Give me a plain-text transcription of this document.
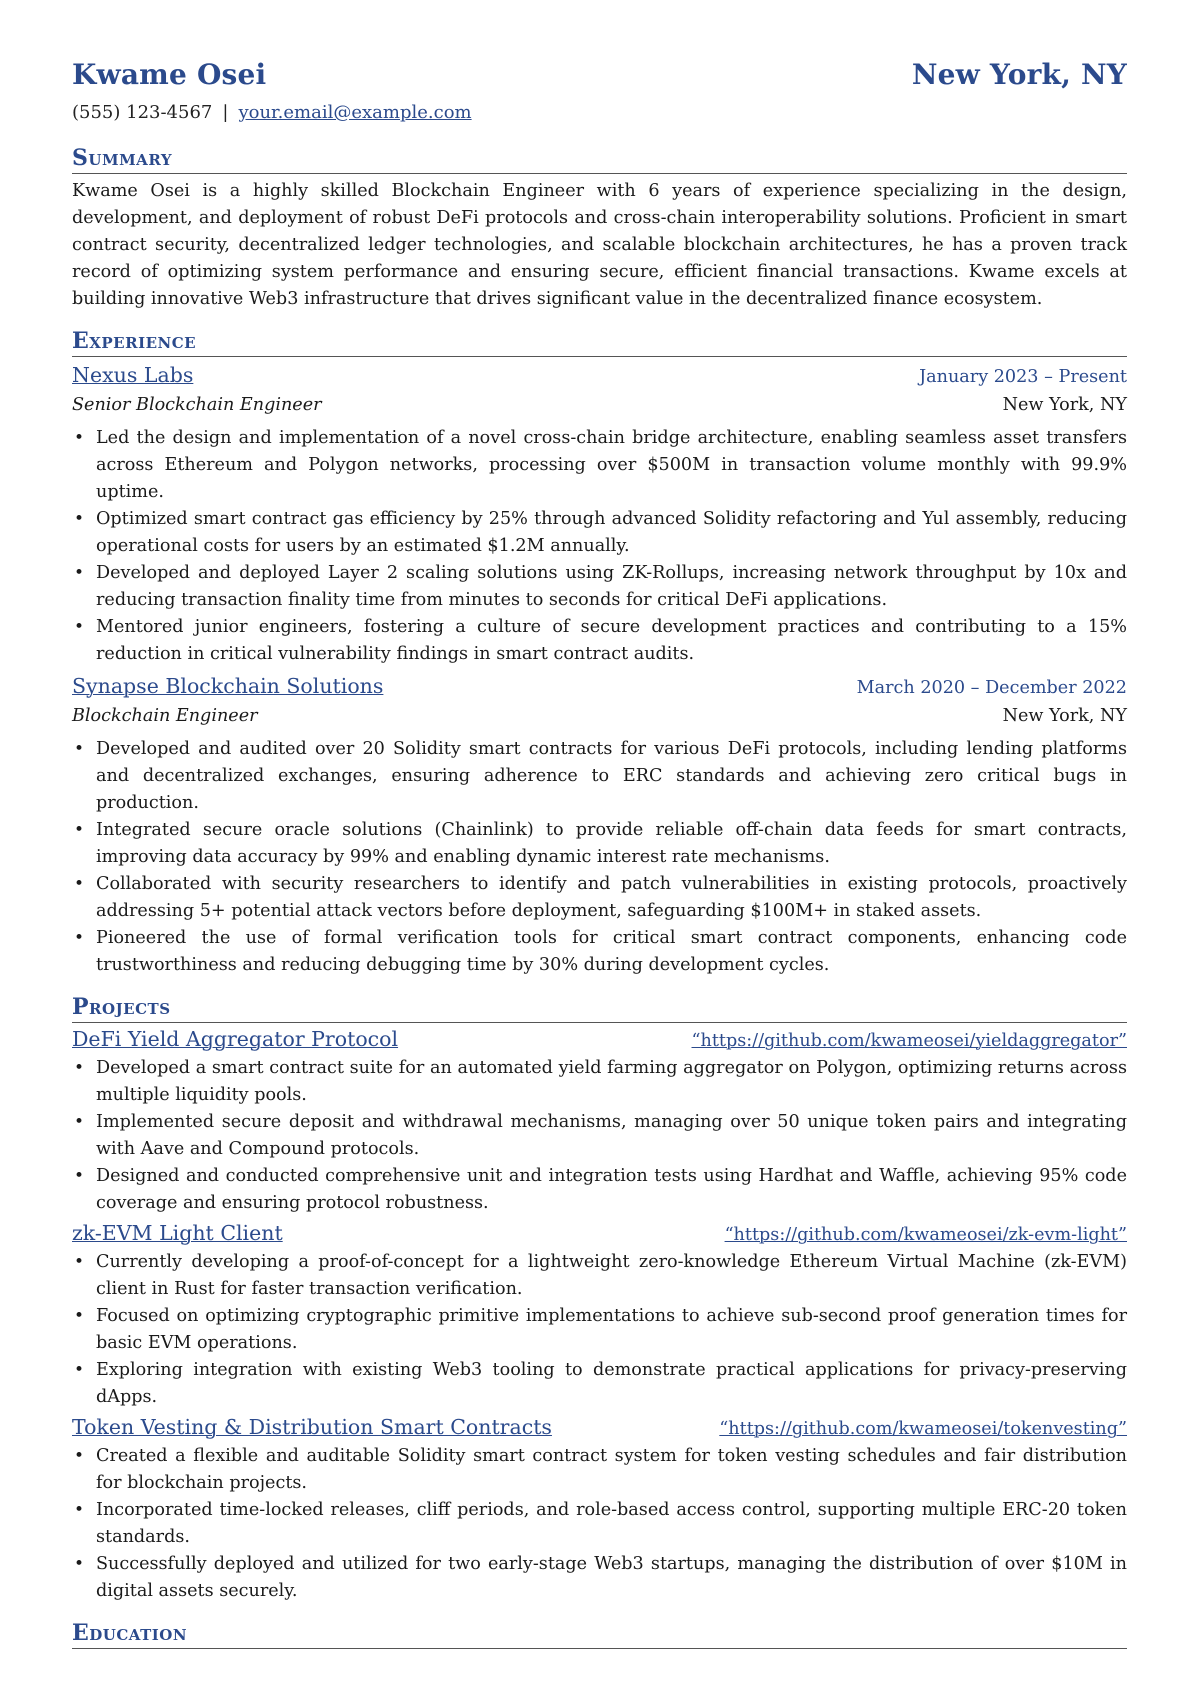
Kwame Osei	New York, NY
(555) 123-4567 | your.email@example.com
Summary
Kwame Osei is a highly skilled Blockchain Engineer with 6 years of experience specializing in the design, development, and deployment of robust DeFi protocols and cross-chain interoperability solutions. Proficient in smart contract security, decentralized ledger technologies, and scalable blockchain architectures, he has a proven track record of optimizing system performance and ensuring secure, efficient financial transactions. Kwame excels at building innovative Web3 infrastructure that drives significant value in the decentralized finance ecosystem.
Experience
Nexus Labs	January 2023 – Present
Senior Blockchain Engineer	New York, NY
• Led the design and implementation of a novel cross-chain bridge architecture, enabling seamless asset transfers across Ethereum and Polygon networks, processing over $500M in transaction volume monthly with 99.9% uptime.
• Optimized smart contract gas efficiency by 25% through advanced Solidity refactoring and Yul assembly, reducing operational costs for users by an estimated $1.2M annually.
• Developed and deployed Layer 2 scaling solutions using ZK-Rollups, increasing network throughput by 10x and reducing transaction finality time from minutes to seconds for critical DeFi applications.
• Mentored junior engineers, fostering a culture of secure development practices and contributing to a 15% reduction in critical vulnerability findings in smart contract audits.
Synapse Blockchain Solutions	March 2020 – December 2022
Blockchain Engineer	New York, NY
• Developed and audited over 20 Solidity smart contracts for various DeFi protocols, including lending platforms and decentralized exchanges, ensuring adherence to ERC standards and achieving zero critical bugs in production.
• Integrated secure oracle solutions (Chainlink) to provide reliable off-chain data feeds for smart contracts, improving data accuracy by 99% and enabling dynamic interest rate mechanisms.
• Collaborated with security researchers to identify and patch vulnerabilities in existing protocols, proactively addressing 5+ potential attack vectors before deployment, safeguarding $100M+ in staked assets.
• Pioneered the use of formal verification tools for critical smart contract components, enhancing code trustworthiness and reducing debugging time by 30% during development cycles.
Projects
DeFi Yield Aggregator Protocol	“https://github.com/kwameosei/yieldaggregator”
• Developed a smart contract suite for an automated yield farming aggregator on Polygon, optimizing returns across multiple liquidity pools.
• Implemented secure deposit and withdrawal mechanisms, managing over 50 unique token pairs and integrating with Aave and Compound protocols.
• Designed and conducted comprehensive unit and integration tests using Hardhat and Waffle, achieving 95% code coverage and ensuring protocol robustness.
zk-EVM Light Client	“https://github.com/kwameosei/zk-evm-light”
• Currently developing a proof-of-concept for a lightweight zero-knowledge Ethereum Virtual Machine (zk-EVM) client in Rust for faster transaction verification.
• Focused on optimizing cryptographic primitive implementations to achieve sub-second proof generation times for basic EVM operations.
• Exploring integration with existing Web3 tooling to demonstrate practical applications for privacy-preserving dApps.
Token Vesting & Distribution Smart Contracts	“https://github.com/kwameosei/tokenvesting”
• Created a flexible and auditable Solidity smart contract system for token vesting schedules and fair distribution for blockchain projects.
• Incorporated time-locked releases, cliff periods, and role-based access control, supporting multiple ERC-20 token standards.
• Successfully deployed and utilized for two early-stage Web3 startups, managing the distribution of over $10M in digital assets securely.
Education
